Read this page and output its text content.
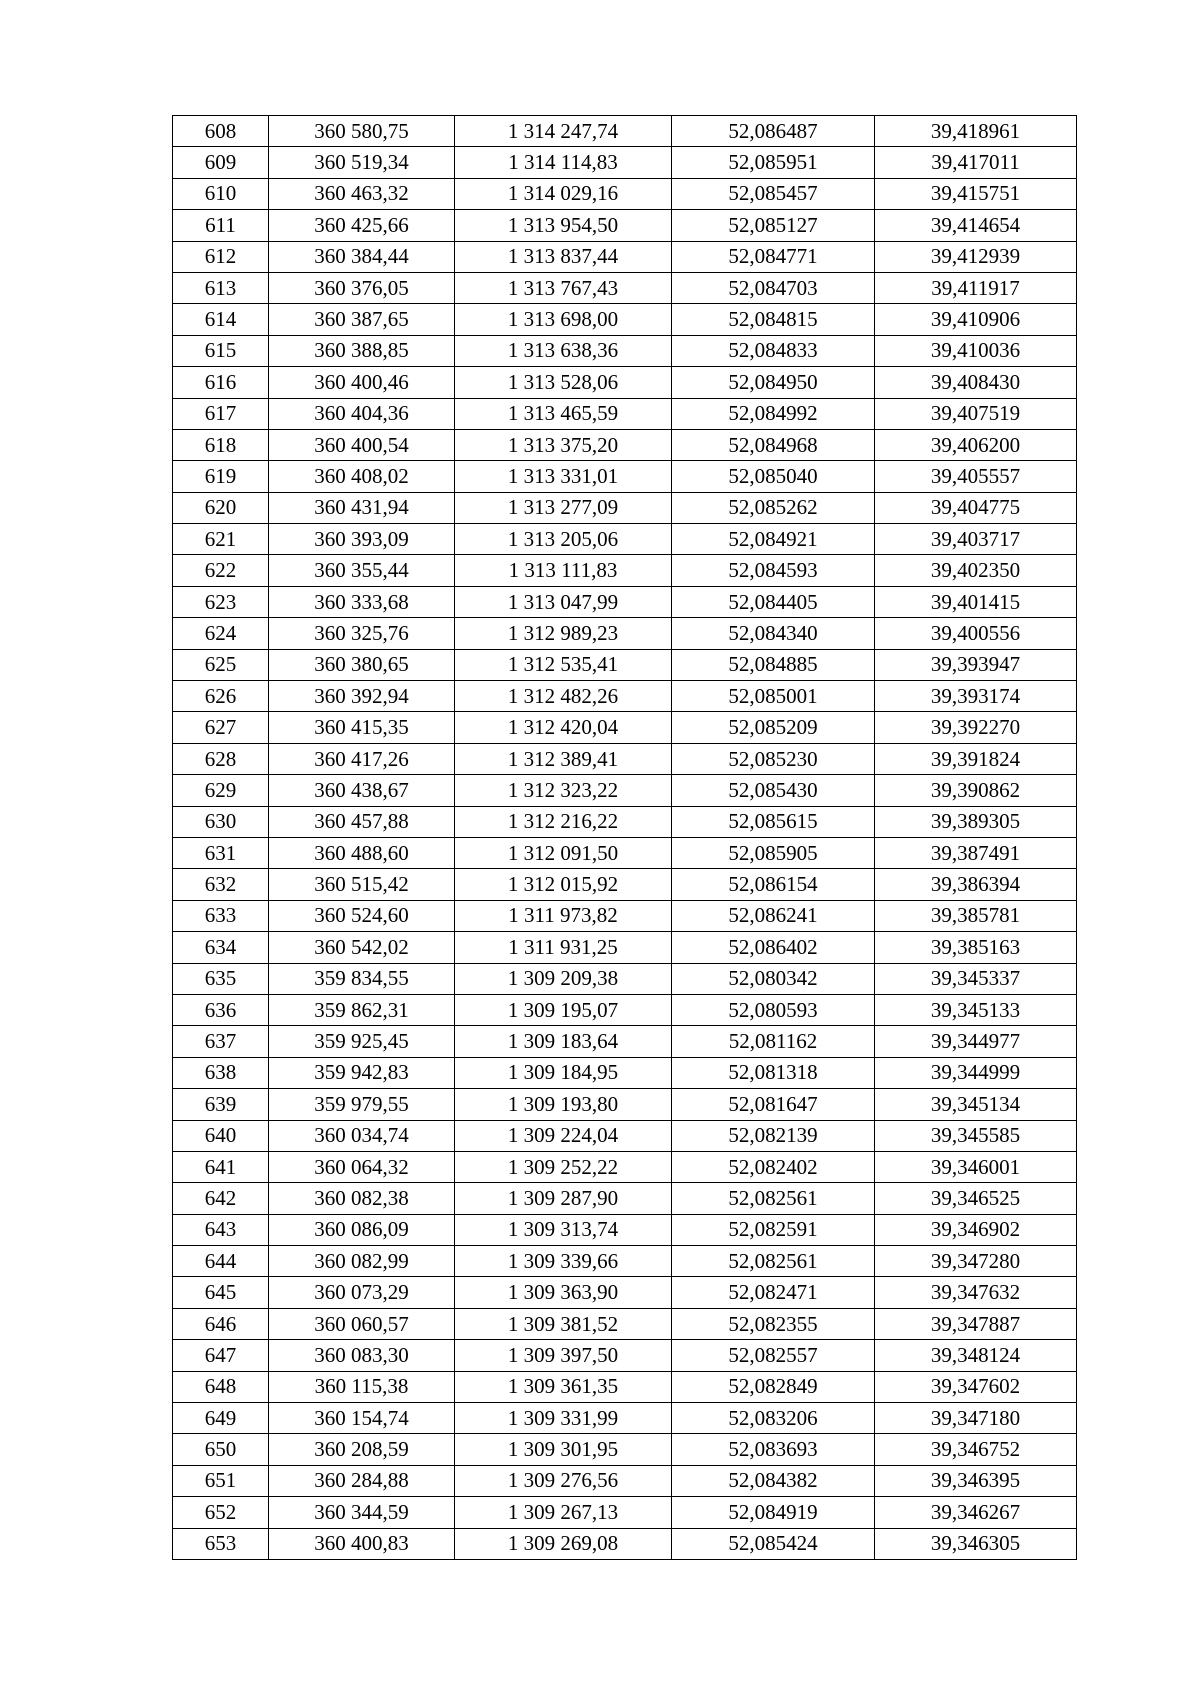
608	360 580,75	1 314 247,74	52,086487	39,418961
609	360 519,34	1 314 114,83	52,085951	39,417011
610	360 463,32	1 314 029,16	52,085457	39,415751
611	360 425,66	1 313 954,50	52,085127	39,414654
612	360 384,44	1 313 837,44	52,084771	39,412939
613	360 376,05	1 313 767,43	52,084703	39,411917
614	360 387,65	1 313 698,00	52,084815	39,410906
615	360 388,85	1 313 638,36	52,084833	39,410036
616	360 400,46	1 313 528,06	52,084950	39,408430
617	360 404,36	1 313 465,59	52,084992	39,407519
618	360 400,54	1 313 375,20	52,084968	39,406200
619	360 408,02	1 313 331,01	52,085040	39,405557
620	360 431,94	1 313 277,09	52,085262	39,404775
621	360 393,09	1 313 205,06	52,084921	39,403717
622	360 355,44	1 313 111,83	52,084593	39,402350
623	360 333,68	1 313 047,99	52,084405	39,401415
624	360 325,76	1 312 989,23	52,084340	39,400556
625	360 380,65	1 312 535,41	52,084885	39,393947
626	360 392,94	1 312 482,26	52,085001	39,393174
627	360 415,35	1 312 420,04	52,085209	39,392270
628	360 417,26	1 312 389,41	52,085230	39,391824
629	360 438,67	1 312 323,22	52,085430	39,390862
630	360 457,88	1 312 216,22	52,085615	39,389305
631	360 488,60	1 312 091,50	52,085905	39,387491
632	360 515,42	1 312 015,92	52,086154	39,386394
633	360 524,60	1 311 973,82	52,086241	39,385781
634	360 542,02	1 311 931,25	52,086402	39,385163
635	359 834,55	1 309 209,38	52,080342	39,345337
636	359 862,31	1 309 195,07	52,080593	39,345133
637	359 925,45	1 309 183,64	52,081162	39,344977
638	359 942,83	1 309 184,95	52,081318	39,344999
639	359 979,55	1 309 193,80	52,081647	39,345134
640	360 034,74	1 309 224,04	52,082139	39,345585
641	360 064,32	1 309 252,22	52,082402	39,346001
642	360 082,38	1 309 287,90	52,082561	39,346525
643	360 086,09	1 309 313,74	52,082591	39,346902
644	360 082,99	1 309 339,66	52,082561	39,347280
645	360 073,29	1 309 363,90	52,082471	39,347632
646	360 060,57	1 309 381,52	52,082355	39,347887
647	360 083,30	1 309 397,50	52,082557	39,348124
648	360 115,38	1 309 361,35	52,082849	39,347602
649	360 154,74	1 309 331,99	52,083206	39,347180
650	360 208,59	1 309 301,95	52,083693	39,346752
651	360 284,88	1 309 276,56	52,084382	39,346395
652	360 344,59	1 309 267,13	52,084919	39,346267
653	360 400,83	1 309 269,08	52,085424	39,346305
